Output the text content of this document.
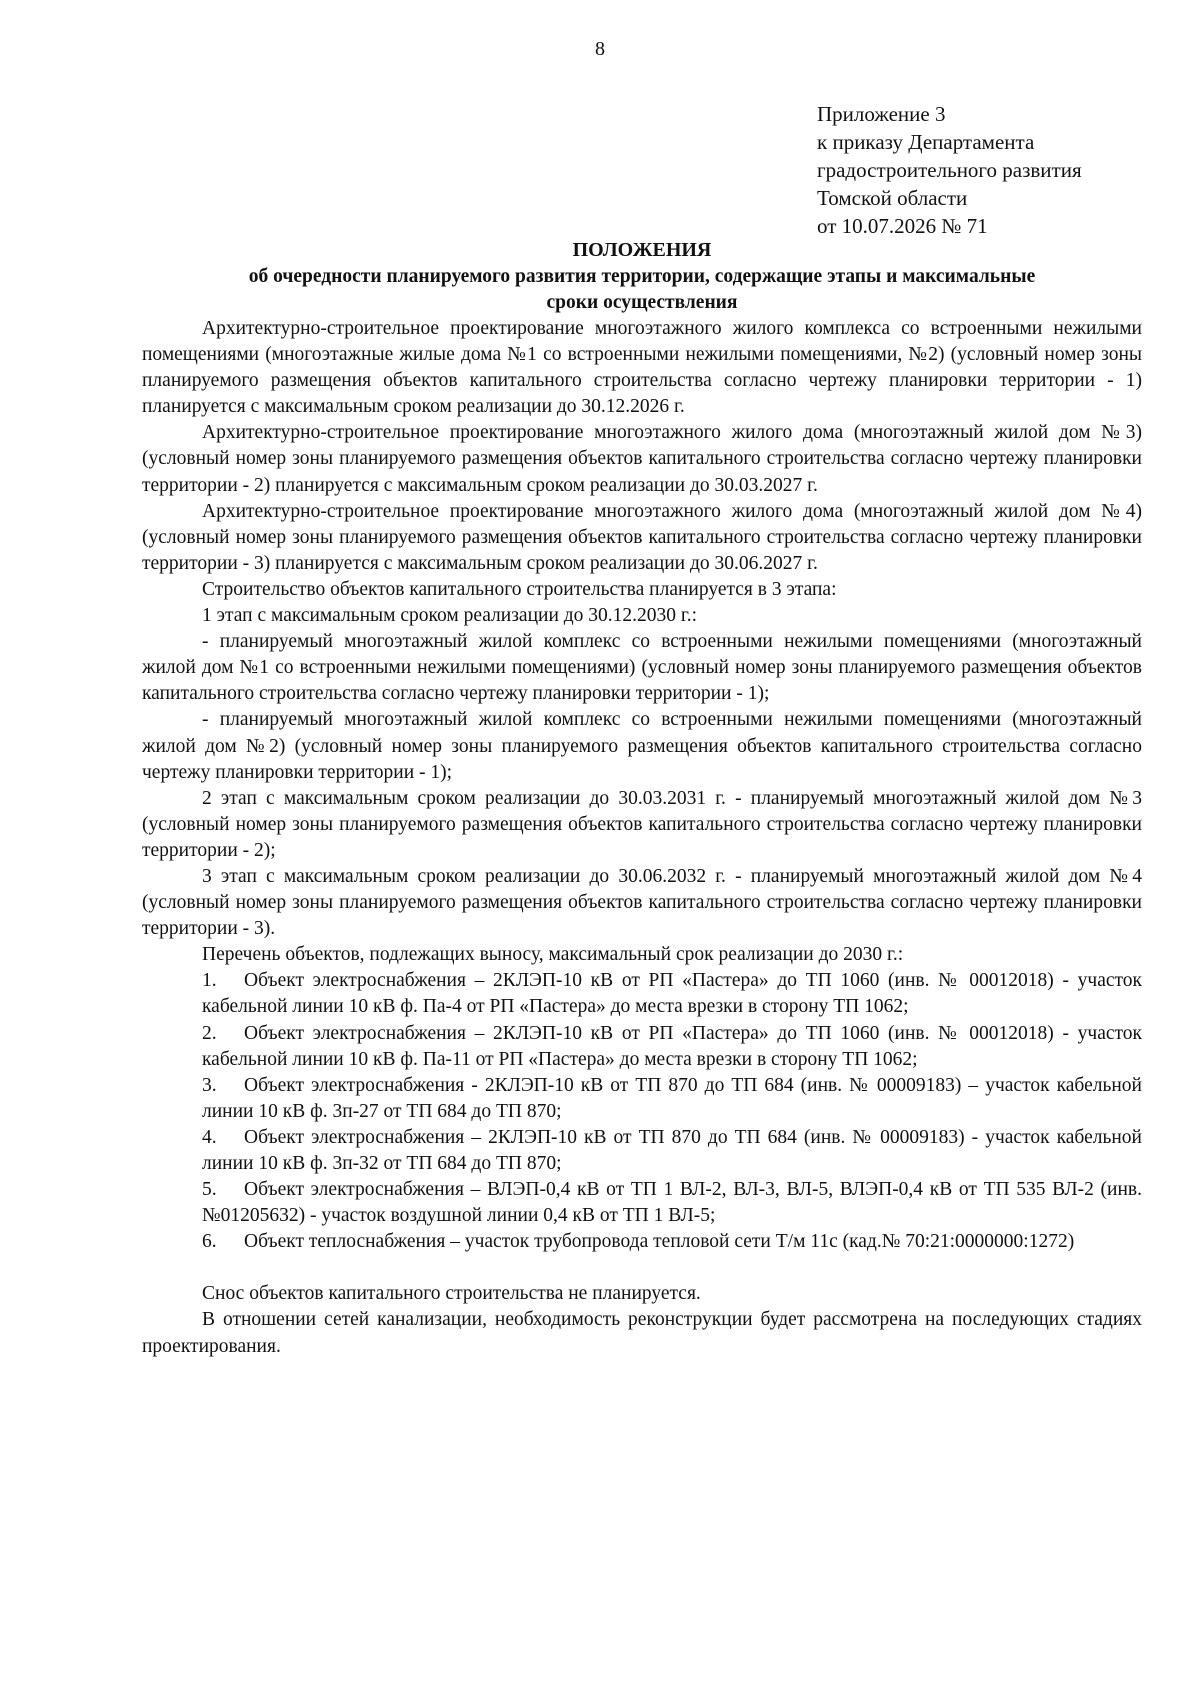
8
Приложение 3
к приказу Департамента
градостроительного развития
Томской области
от 10.07.2026 № 71
ПОЛОЖЕНИЯ
об очередности планируемого развития территории, содержащие этапы и максимальные
сроки осуществления

Архитектурно-строительное проектирование многоэтажного жилого комплекса со встроенными нежилыми помещениями (многоэтажные жилые дома №1 со встроенными нежилыми помещениями, №2) (условный номер зоны планируемого размещения объектов капитального строительства согласно чертежу планировки территории - 1) планируется с максимальным сроком реализации до 30.12.2026 г.

Архитектурно-строительное проектирование многоэтажного жилого дома (многоэтажный жилой дом №3) (условный номер зоны планируемого размещения объектов капитального строительства согласно чертежу планировки территории - 2) планируется с максимальным сроком реализации до 30.03.2027 г.

Архитектурно-строительное проектирование многоэтажного жилого дома (многоэтажный жилой дом №4) (условный номер зоны планируемого размещения объектов капитального строительства согласно чертежу планировки территории - 3) планируется с максимальным сроком реализации до 30.06.2027 г.

Строительство объектов капитального строительства планируется в 3 этапа:

1 этап с максимальным сроком реализации до 30.12.2030 г.:

- планируемый многоэтажный жилой комплекс со встроенными нежилыми помещениями (многоэтажный жилой дом №1 со встроенными нежилыми помещениями) (условный номер зоны планируемого размещения объектов капитального строительства согласно чертежу планировки территории - 1);

- планируемый многоэтажный жилой комплекс со встроенными нежилыми помещениями (многоэтажный жилой дом №2) (условный номер зоны планируемого размещения объектов капитального строительства согласно чертежу планировки территории - 1);

2 этап с максимальным сроком реализации до 30.03.2031 г. - планируемый многоэтажный жилой дом №3 (условный номер зоны планируемого размещения объектов капитального строительства согласно чертежу планировки территории - 2);

3 этап с максимальным сроком реализации до 30.06.2032 г. - планируемый многоэтажный жилой дом №4 (условный номер зоны планируемого размещения объектов капитального строительства согласно чертежу планировки территории - 3).

Перечень объектов, подлежащих выносу, максимальный срок реализации до 2030 г.:

1. Объект электроснабжения – 2КЛЭП-10 кВ от РП «Пастера» до ТП 1060 (инв. № 00012018) - участок кабельной линии 10 кВ ф. Па-4 от РП «Пастера» до места врезки в сторону ТП 1062;
2. Объект электроснабжения – 2КЛЭП-10 кВ от РП «Пастера» до ТП 1060 (инв. № 00012018) - участок кабельной линии 10 кВ ф. Па-11 от РП «Пастера» до места врезки в сторону ТП 1062;
3. Объект электроснабжения - 2КЛЭП-10 кВ от ТП 870 до ТП 684 (инв. № 00009183) – участок кабельной линии 10 кВ ф. 3п-27 от ТП 684 до ТП 870;
4. Объект электроснабжения – 2КЛЭП-10 кВ от ТП 870 до ТП 684 (инв. № 00009183) - участок кабельной линии 10 кВ ф. 3п-32 от ТП 684 до ТП 870;
5. Объект электроснабжения – ВЛЭП-0,4 кВ от ТП 1 ВЛ-2, ВЛ-3, ВЛ-5, ВЛЭП-0,4 кВ от ТП 535 ВЛ-2 (инв. №01205632) - участок воздушной линии 0,4 кВ от ТП 1 ВЛ-5;
6. Объект теплоснабжения – участок трубопровода тепловой сети Т/м 11с (кад.№ 70:21:0000000:1272)

Снос объектов капитального строительства не планируется.

В отношении сетей канализации, необходимость реконструкции будет рассмотрена на последующих стадиях проектирования.
